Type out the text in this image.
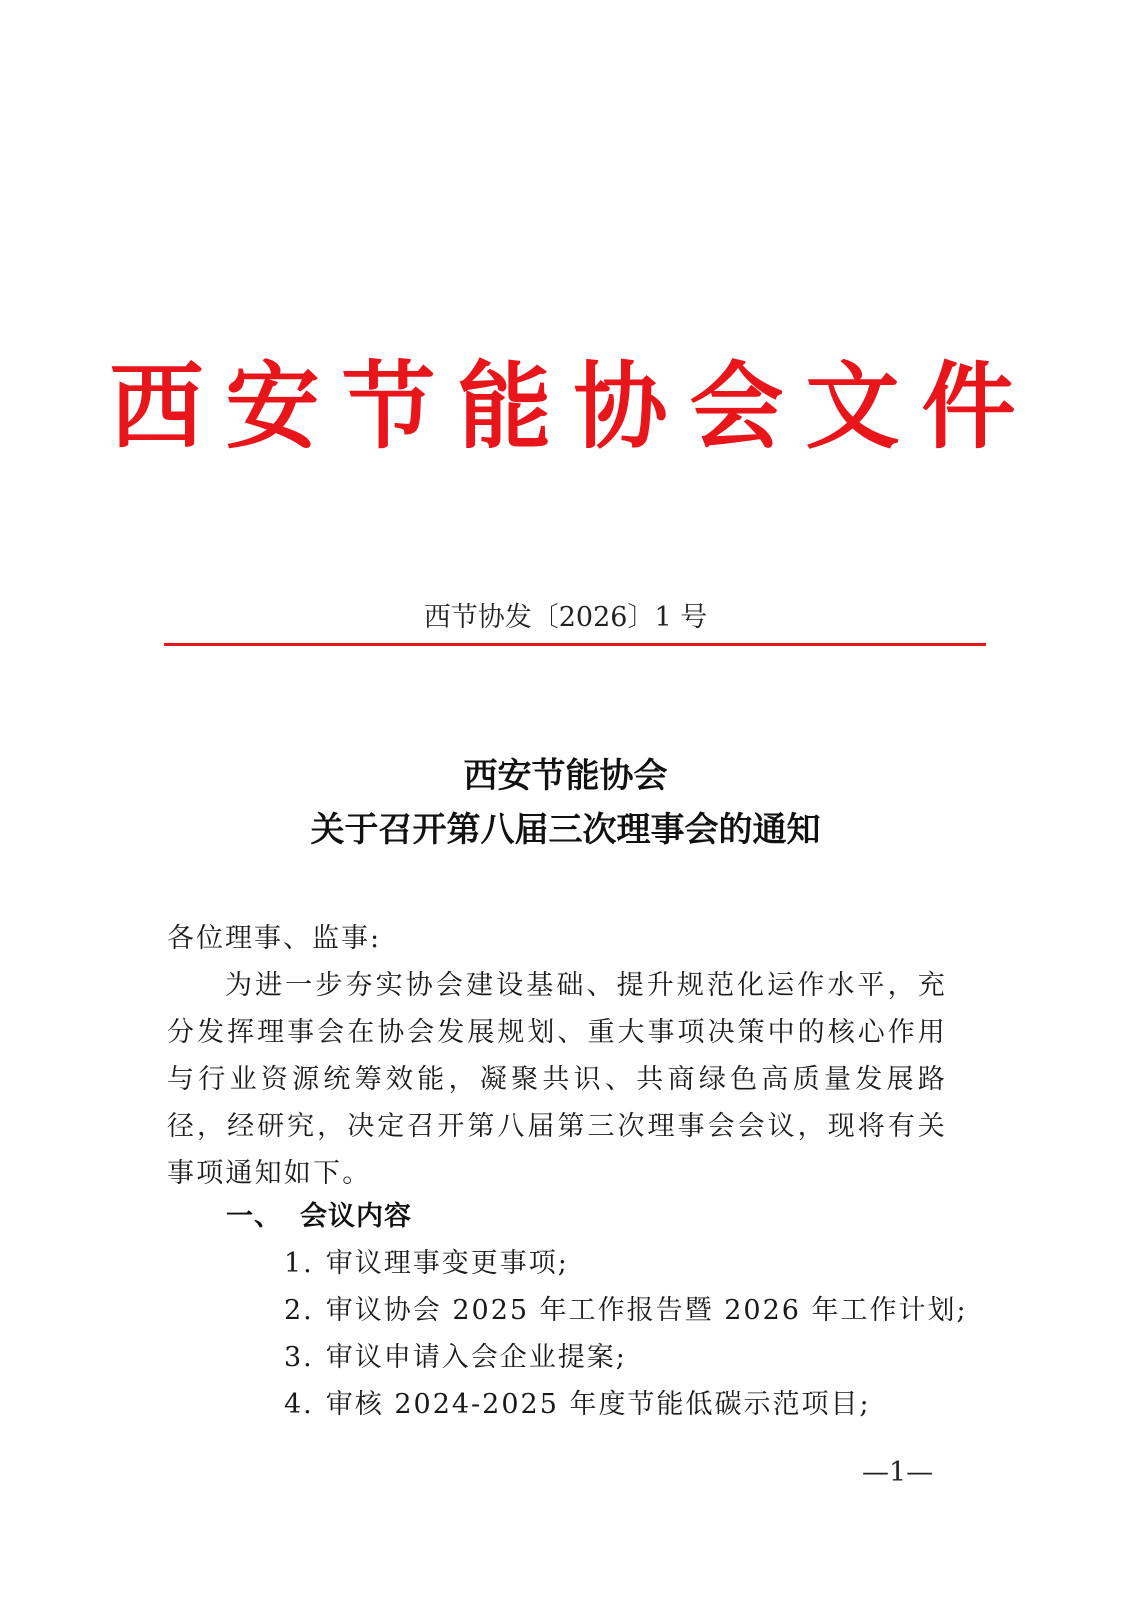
西安节能协会文件
西节协发〔2026〕1 号
西安节能协会
关于召开第八届三次理事会的通知
各位理事、监事:
为进一步夯实协会建设基础、提升规范化运作水平，充分发挥理事会在协会发展规划、重大事项决策中的核心作用与行业资源统筹效能，凝聚共识、共商绿色高质量发展路径，经研究，决定召开第八届第三次理事会会议，现将有关事项通知如下。
一、 会议内容
1. 审议理事变更事项;
2. 审议协会 2025 年工作报告暨 2026 年工作计划;
3. 审议申请入会企业提案;
4. 审核 2024-2025 年度节能低碳示范项目;
—1—
